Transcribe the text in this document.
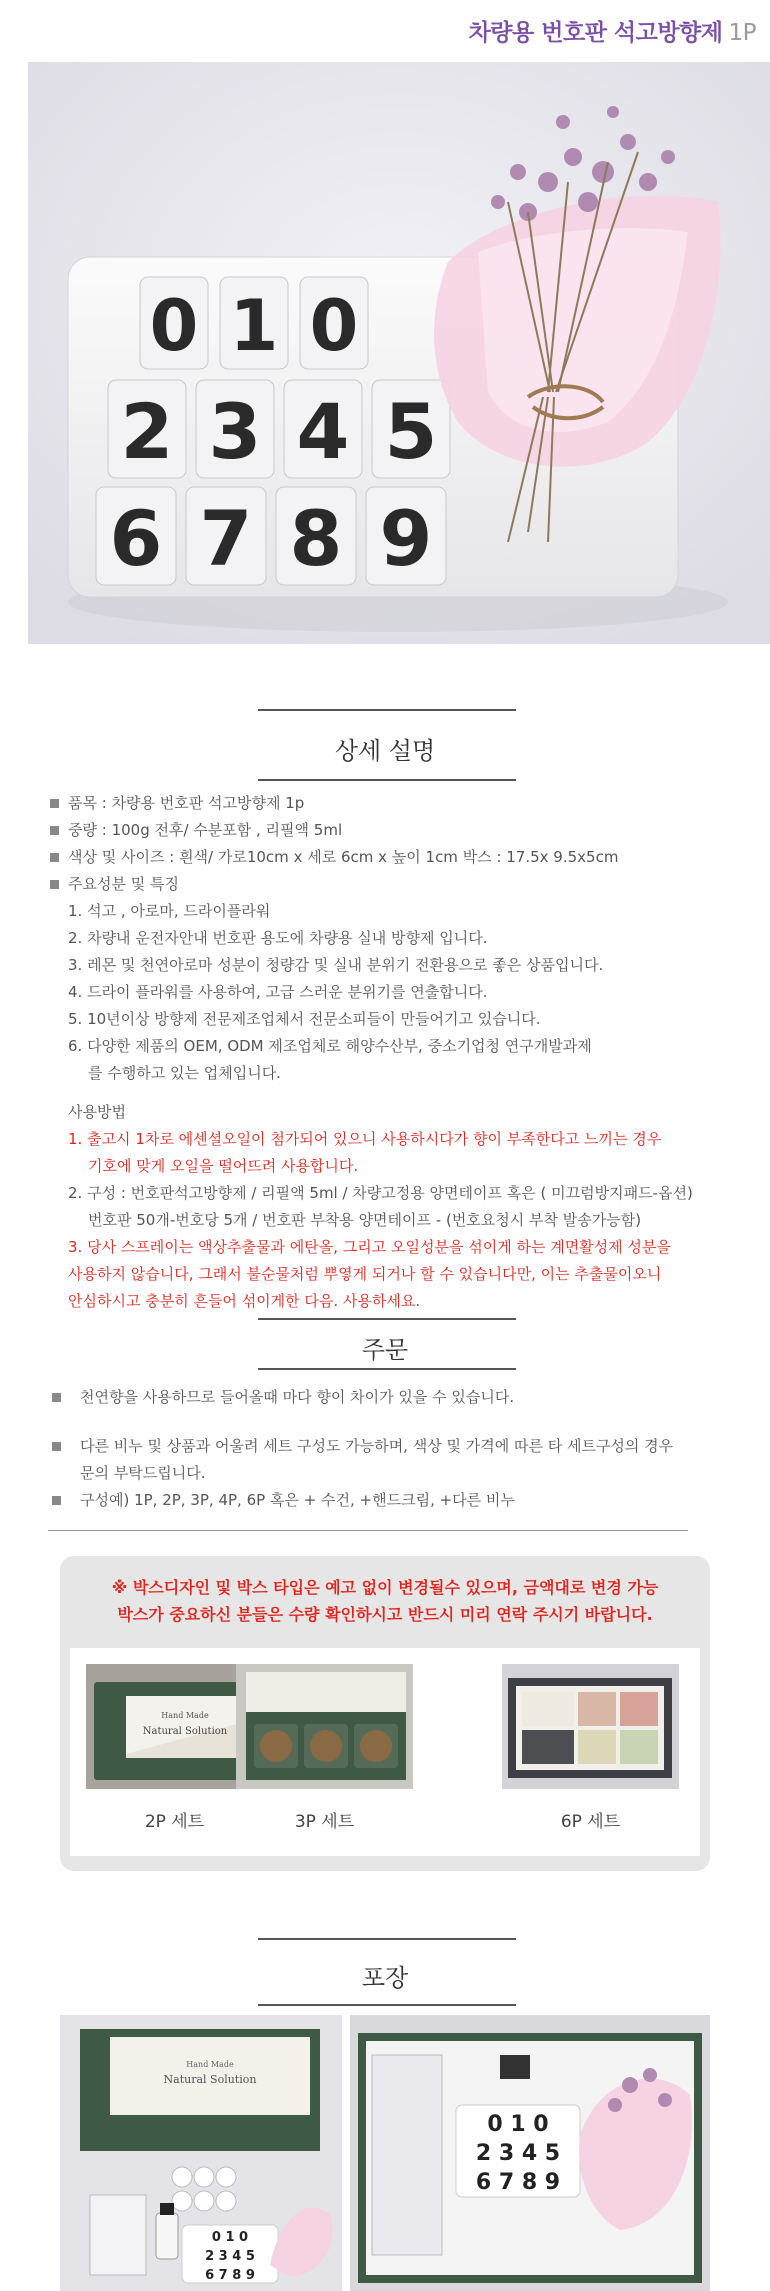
차량용 번호판 석고방향제 1P
0 1 0
2 3 4 5
6 7 8 9
상세 설명
품목 : 차량용 번호판 석고방향제 1p
중량 : 100g 전후/ 수분포함 , 리필액 5ml
색상 및 사이즈 : 흰색/ 가로10cm x 세로 6cm x 높이 1cm 박스 : 17.5x 9.5x5cm
주요성분 및 특징
1. 석고 , 아로마, 드라이플라워
2. 차량내 운전자안내 번호판 용도에 차량용 실내 방향제 입니다.
3. 레몬 및 천연아로마 성분이 청량감 및 실내 분위기 전환용으로 좋은 상품입니다.
4. 드라이 플라워를 사용하여, 고급 스러운 분위기를 연출합니다.
5. 10년이상 방향제 전문제조업체서 전문소피들이 만들어기고 있습니다.
6. 다양한 제품의 OEM, ODM 제조업체로 해양수산부, 중소기업청 연구개발과제
를 수행하고 있는 업체입니다.
사용방법
1. 출고시 1차로 에센셜오일이 첨가되어 있으니 사용하시다가 향이 부족한다고 느끼는 경우
기호에 맞게 오일을 떨어뜨려 사용합니다.
2. 구성 : 번호판석고방향제 / 리필액 5ml / 차량고정용 양면테이프 혹은 ( 미끄럼방지패드-옵션)
번호판 50개-번호당 5개 / 번호판 부착용 양면테이프 - (번호요청시 부착 발송가능함)
3. 당사 스프레이는 액상추출물과 에탄올, 그리고 오일성분을 섞이게 하는 계면활성제 성분을
사용하지 않습니다, 그래서 불순물처럼 뿌옇게 되거나 할 수 있습니다만, 이는 추출물이오니
안심하시고 충분히 흔들어 섞이게한 다음. 사용하세요.
주문
천연향을 사용하므로 들어올때 마다 향이 차이가 있을 수 있습니다.
다른 비누 및 상품과 어울려 세트 구성도 가능하며, 색상 및 가격에 따른 타 세트구성의 경우
문의 부탁드립니다.
구성예) 1P, 2P, 3P, 4P, 6P 혹은 + 수건, +핸드크림, +다른 비누
※ 박스디자인 및 박스 타입은 예고 없이 변경될수 있으며, 금액대로 변경 가능
박스가 중요하신 분들은 수량 확인하시고 반드시 미리 연락 주시기 바랍니다.
Hand Made
Natural Solution
2P 세트	3P 세트	6P 세트
포장
Hand Made
Natural Solution
0 1 0
2 3 4 5
6 7 8 9
0 1 0
2 3 4 5
6 7 8 9
